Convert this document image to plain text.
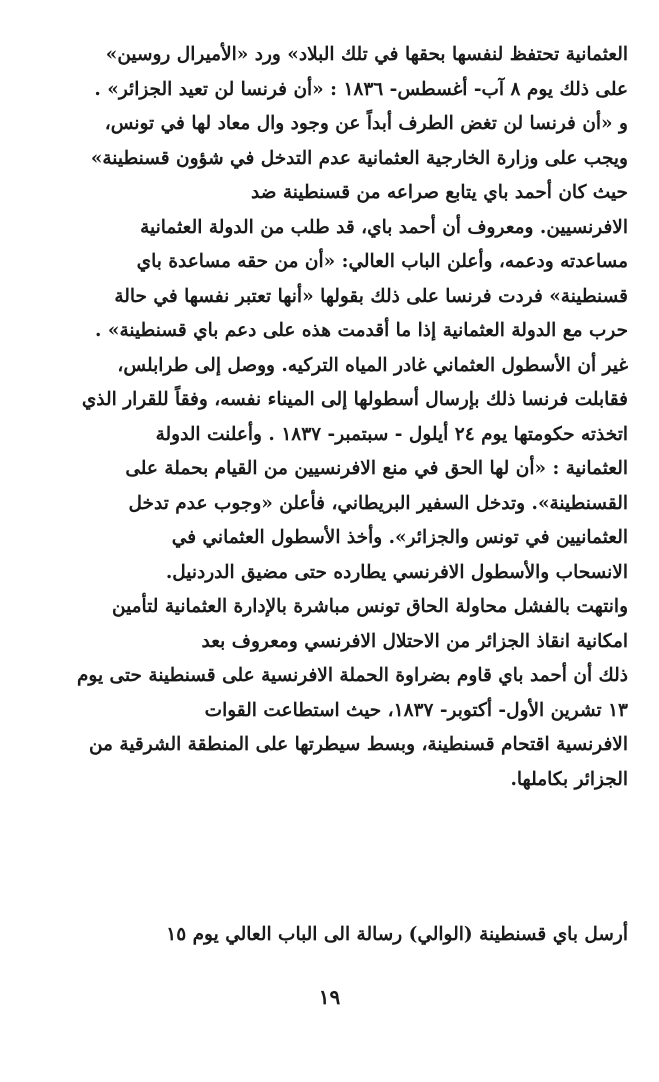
العثمانية تحتفظ لنفسها بحقها في تلك البلاد» ورد «الأميرال روسين»
على ذلك يوم ٨ آب- أغسطس- ١٨٣٦ : «أن فرنسا لن تعيد الجزائر» .
و «أن فرنسا لن تغض الطرف أبداً عن وجود وال معاد لها في تونس،
ويجب على وزارة الخارجية العثمانية عدم التدخل في شؤون قسنطينة»
حيث كان أحمد باي يتابع صراعه من قسنطينة ضد
الافرنسيين. ومعروف أن أحمد باي، قد طلب من الدولة العثمانية
مساعدته ودعمه، وأعلن الباب العالي: «أن من حقه مساعدة باي
قسنطينة» فردت فرنسا على ذلك بقولها «أنها تعتبر نفسها في حالة
حرب مع الدولة العثمانية إذا ما أقدمت هذه على دعم باي قسنطينة» .
غير أن الأسطول العثماني غادر المياه التركيه. ووصل إلى طرابلس،
فقابلت فرنسا ذلك بإرسال أسطولها إلى الميناء نفسه، وفقاً للقرار الذي
اتخذته حكومتها يوم ٢٤ أيلول - سبتمبر- ١٨٣٧ . وأعلنت الدولة
العثمانية : «أن لها الحق في منع الافرنسيين من القيام بحملة على
القسنطينة». وتدخل السفير البريطاني، فأعلن «وجوب عدم تدخل
العثمانيين في تونس والجزائر». وأخذ الأسطول العثماني في
الانسحاب والأسطول الافرنسي يطارده حتى مضيق الدردنيل.
وانتهت بالفشل محاولة الحاق تونس مباشرة بالإدارة العثمانية لتأمين
امكانية انقاذ الجزائر من الاحتلال الافرنسي ومعروف بعد
ذلك أن أحمد باي قاوم بضراوة الحملة الافرنسية على قسنطينة حتى يوم
١٣ تشرين الأول- أكتوبر- ١٨٣٧، حيث استطاعت القوات
الافرنسية اقتحام قسنطينة، وبسط سيطرتها على المنطقة الشرقية من
الجزائر بكاملها.
أرسل باي قسنطينة (الوالي) رسالة الى الباب العالي يوم ١٥
١٩
